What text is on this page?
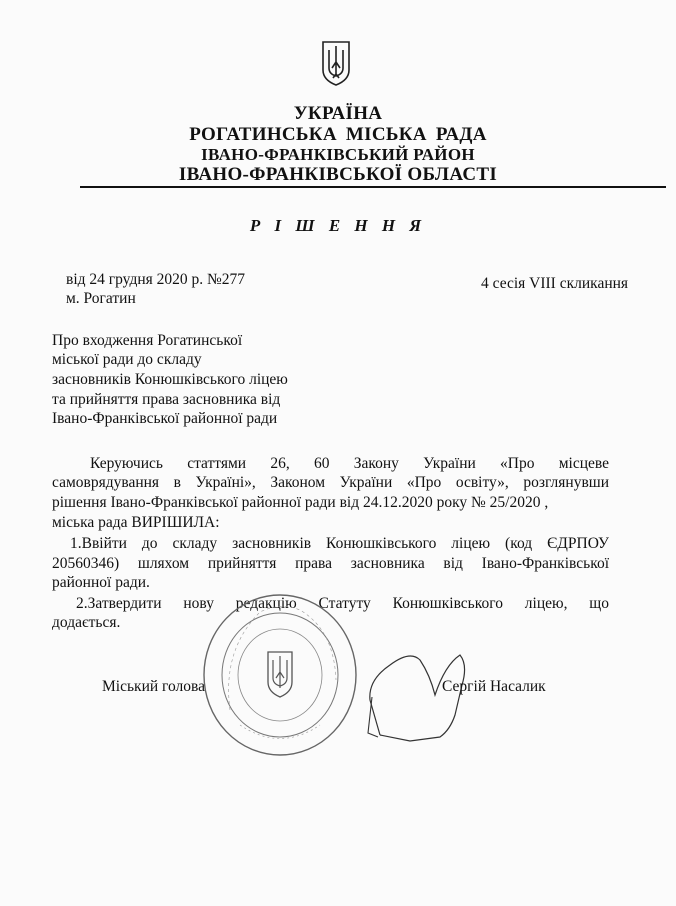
УКРАЇНА
РОГАТИНСЬКА МІСЬКА РАДА
ІВАНО-ФРАНКІВСЬКИЙ РАЙОН
ІВАНО-ФРАНКІВСЬКОЇ ОБЛАСТІ
Р І Ш Е Н Н Я
від 24 грудня 2020 р. №277
м. Рогатин
4 сесія VIII скликання
Про входження Рогатинської
міської ради до складу
засновників Конюшківського ліцею
та прийняття права засновника від
Івано-Франківської районної ради
Керуючись статтями 26, 60 Закону України «Про місцеве
самоврядування в Україні», Законом України «Про освіту», розглянувши
рішення Івано-Франківської районної ради від 24.12.2020 року № 25/2020 ,
міська рада ВИРІШИЛА:
1.Ввійти до складу засновників Конюшківського ліцею (код ЄДРПОУ
20560346) шляхом прийняття права засновника від Івано-Франківської
районної ради.
2.Затвердити нову редакцію Статуту Конюшківського ліцею, що
додається.
Міський голова	Сергій Насалик
